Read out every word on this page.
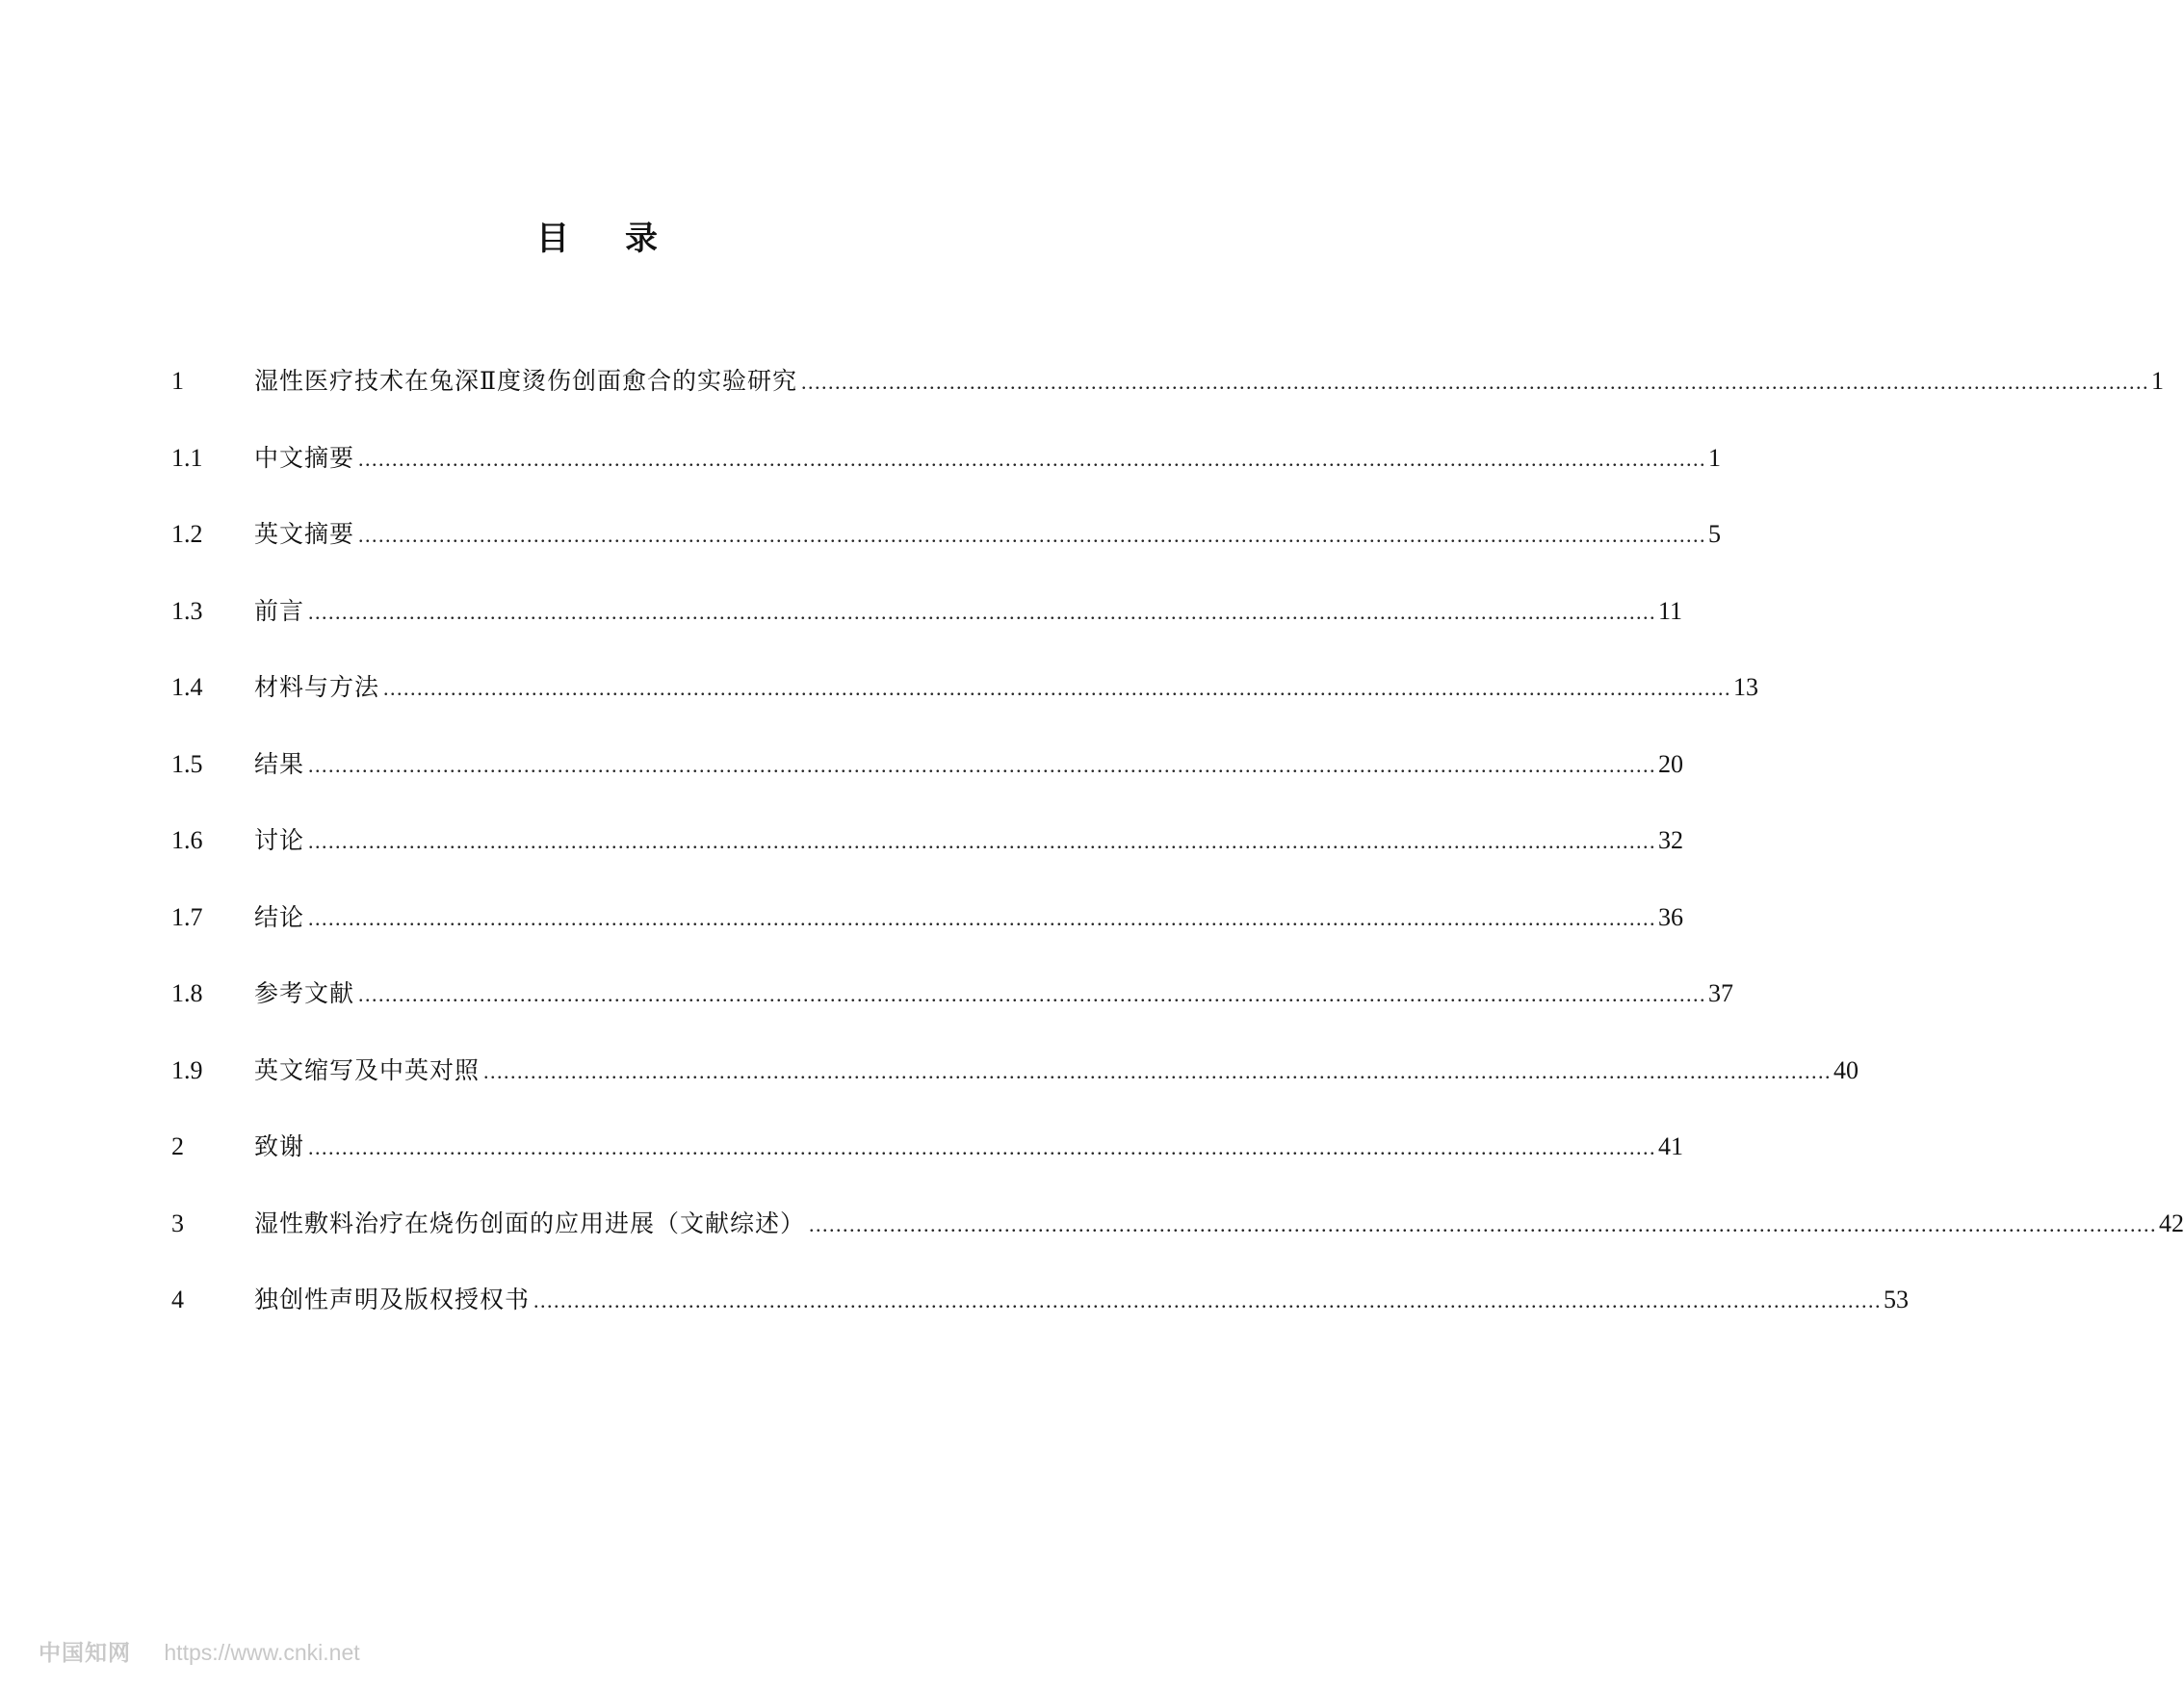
目录
1	湿性医疗技术在兔深Ⅱ度烫伤创面愈合的实验研究 ........................................................................................................................................................................................................ 1
1.1	中文摘要 ........................................................................................................................................................................................................ 1
1.2	英文摘要 ........................................................................................................................................................................................................ 5
1.3	前言 ........................................................................................................................................................................................................ 11
1.4	材料与方法 ........................................................................................................................................................................................................ 13
1.5	结果 ........................................................................................................................................................................................................ 20
1.6	讨论 ........................................................................................................................................................................................................ 32
1.7	结论 ........................................................................................................................................................................................................ 36
1.8	参考文献 ........................................................................................................................................................................................................ 37
1.9	英文缩写及中英对照 ........................................................................................................................................................................................................ 40
2	致谢 ........................................................................................................................................................................................................ 41
3	湿性敷料治疗在烧伤创面的应用进展（文献综述） ........................................................................................................................................................................................................ 42
4	独创性声明及版权授权书 ........................................................................................................................................................................................................ 53
中国知网 https://www.cnki.net
